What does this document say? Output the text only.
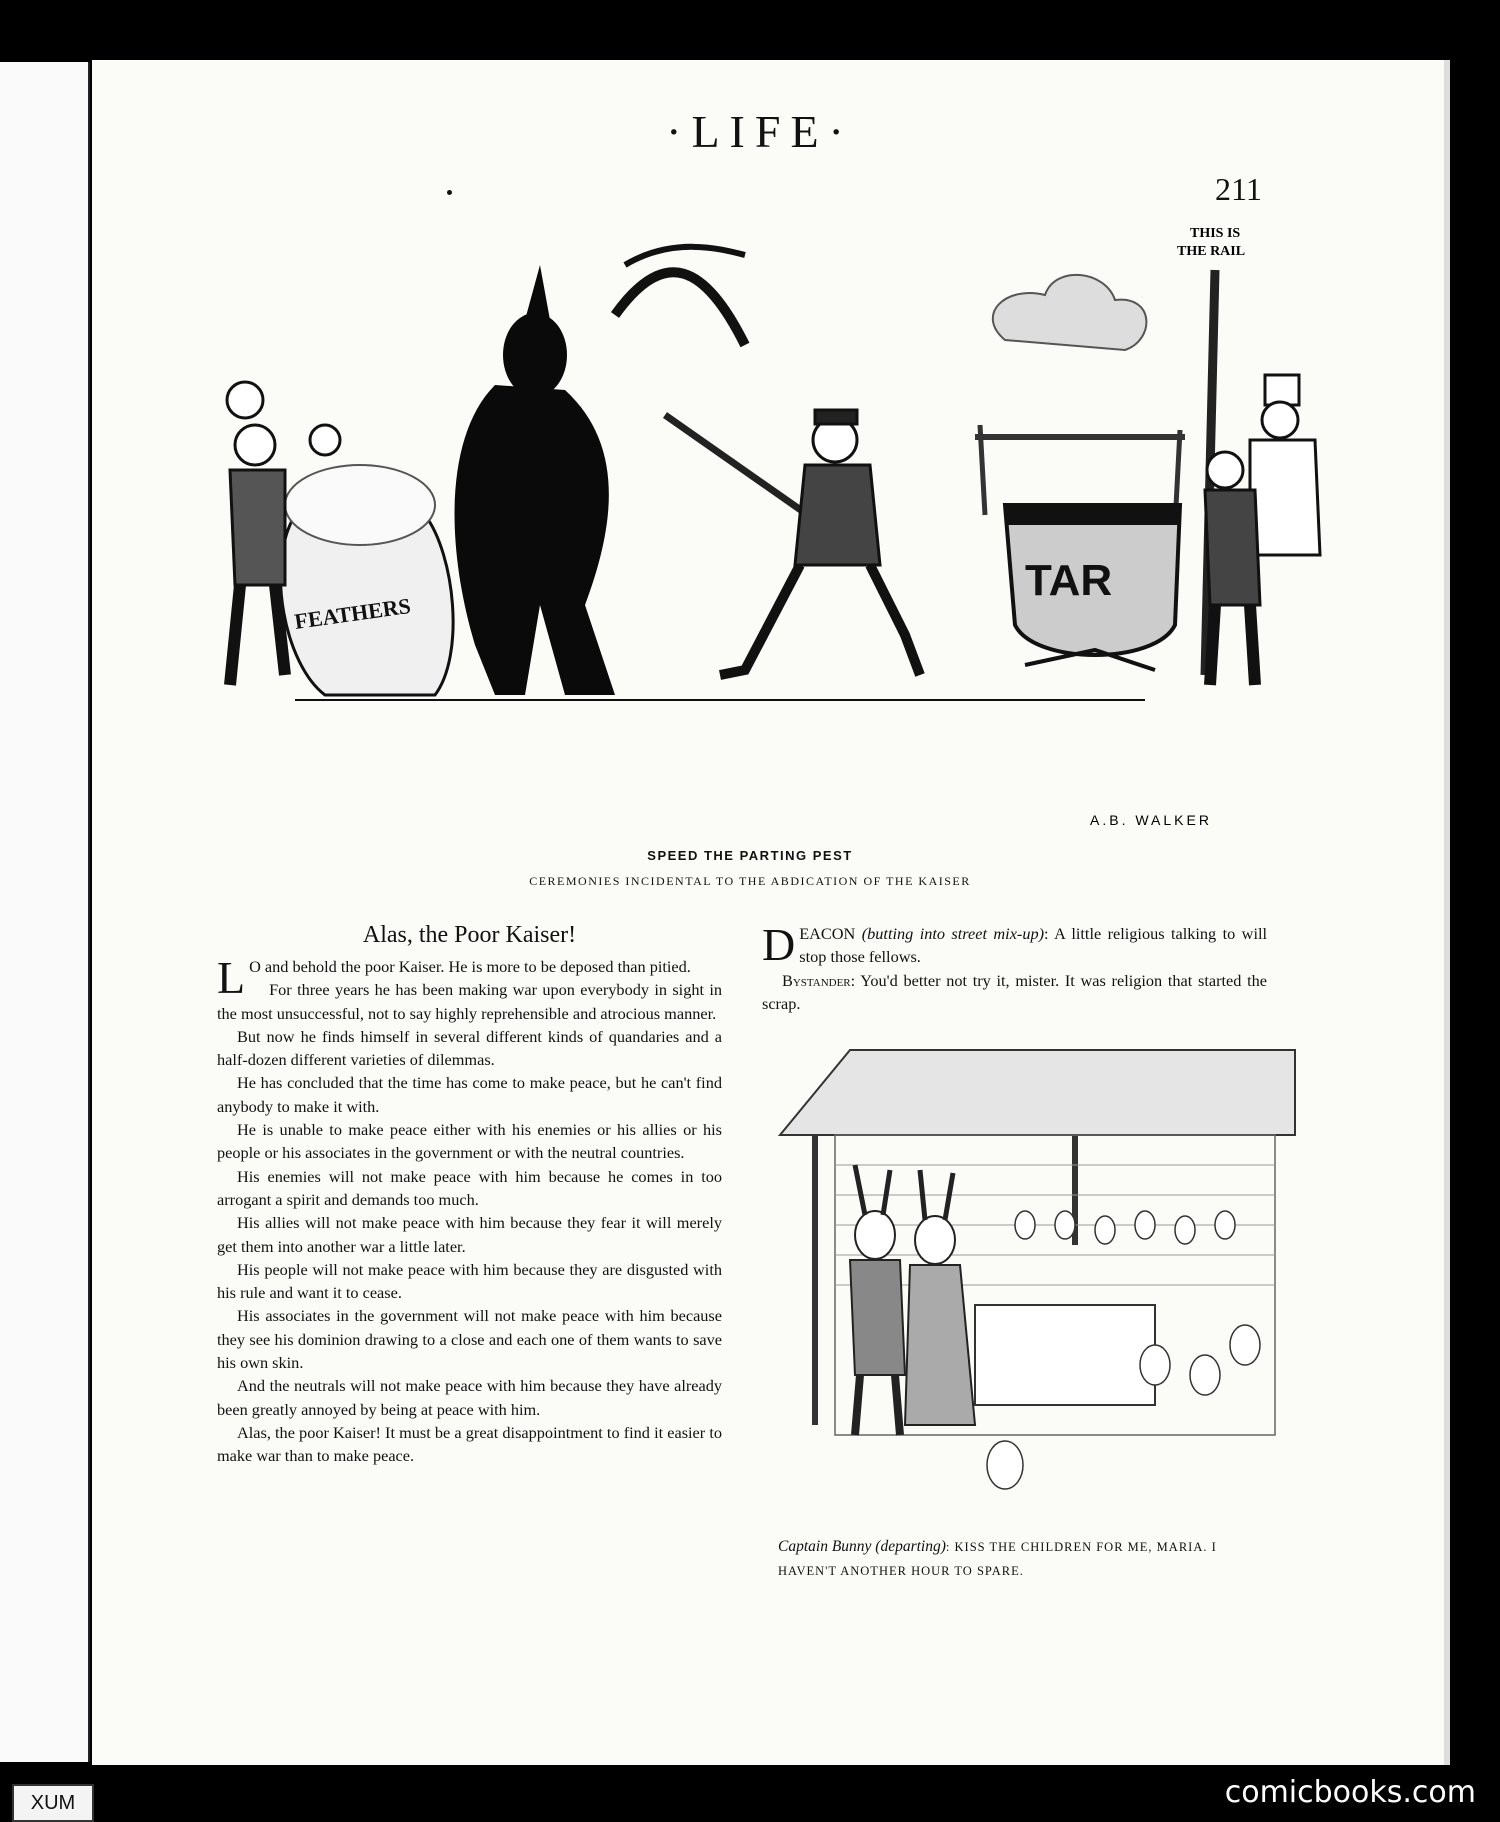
·LIFE·
211
THIS IS
THE RAIL
TAR
FEATHERS
A.B. WALKER
SPEED THE PARTING PEST
CEREMONIES INCIDENTAL TO THE ABDICATION OF THE KAISER
Alas, the Poor Kaiser!

L O and behold the poor Kaiser. He is more to be deposed than pitied.

For three years he has been making war upon everybody in sight in the most unsuccessful, not to say highly reprehensible and atrocious manner.

But now he finds himself in several different kinds of quandaries and a half-dozen different varieties of dilemmas.

He has concluded that the time has come to make peace, but he can't find anybody to make it with.

He is unable to make peace either with his enemies or his allies or his people or his associates in the government or with the neutral countries.

His enemies will not make peace with him because he comes in too arrogant a spirit and demands too much.

His allies will not make peace with him because they fear it will merely get them into another war a little later.

His people will not make peace with him because they are disgusted with his rule and want it to cease.

His associates in the government will not make peace with him because they see his dominion drawing to a close and each one of them wants to save his own skin.

And the neutrals will not make peace with him because they have already been greatly annoyed by being at peace with him.

Alas, the poor Kaiser! It must be a great disappointment to find it easier to make war than to make peace.

DEACON (butting into street mix-up): A little religious talking to will stop those fellows.

Bystander: You'd better not try it, mister. It was religion that started the scrap.

Captain Bunny (departing): KISS THE CHILDREN FOR ME, MARIA. I HAVEN'T ANOTHER HOUR TO SPARE.
XUM	comicbooks.com
